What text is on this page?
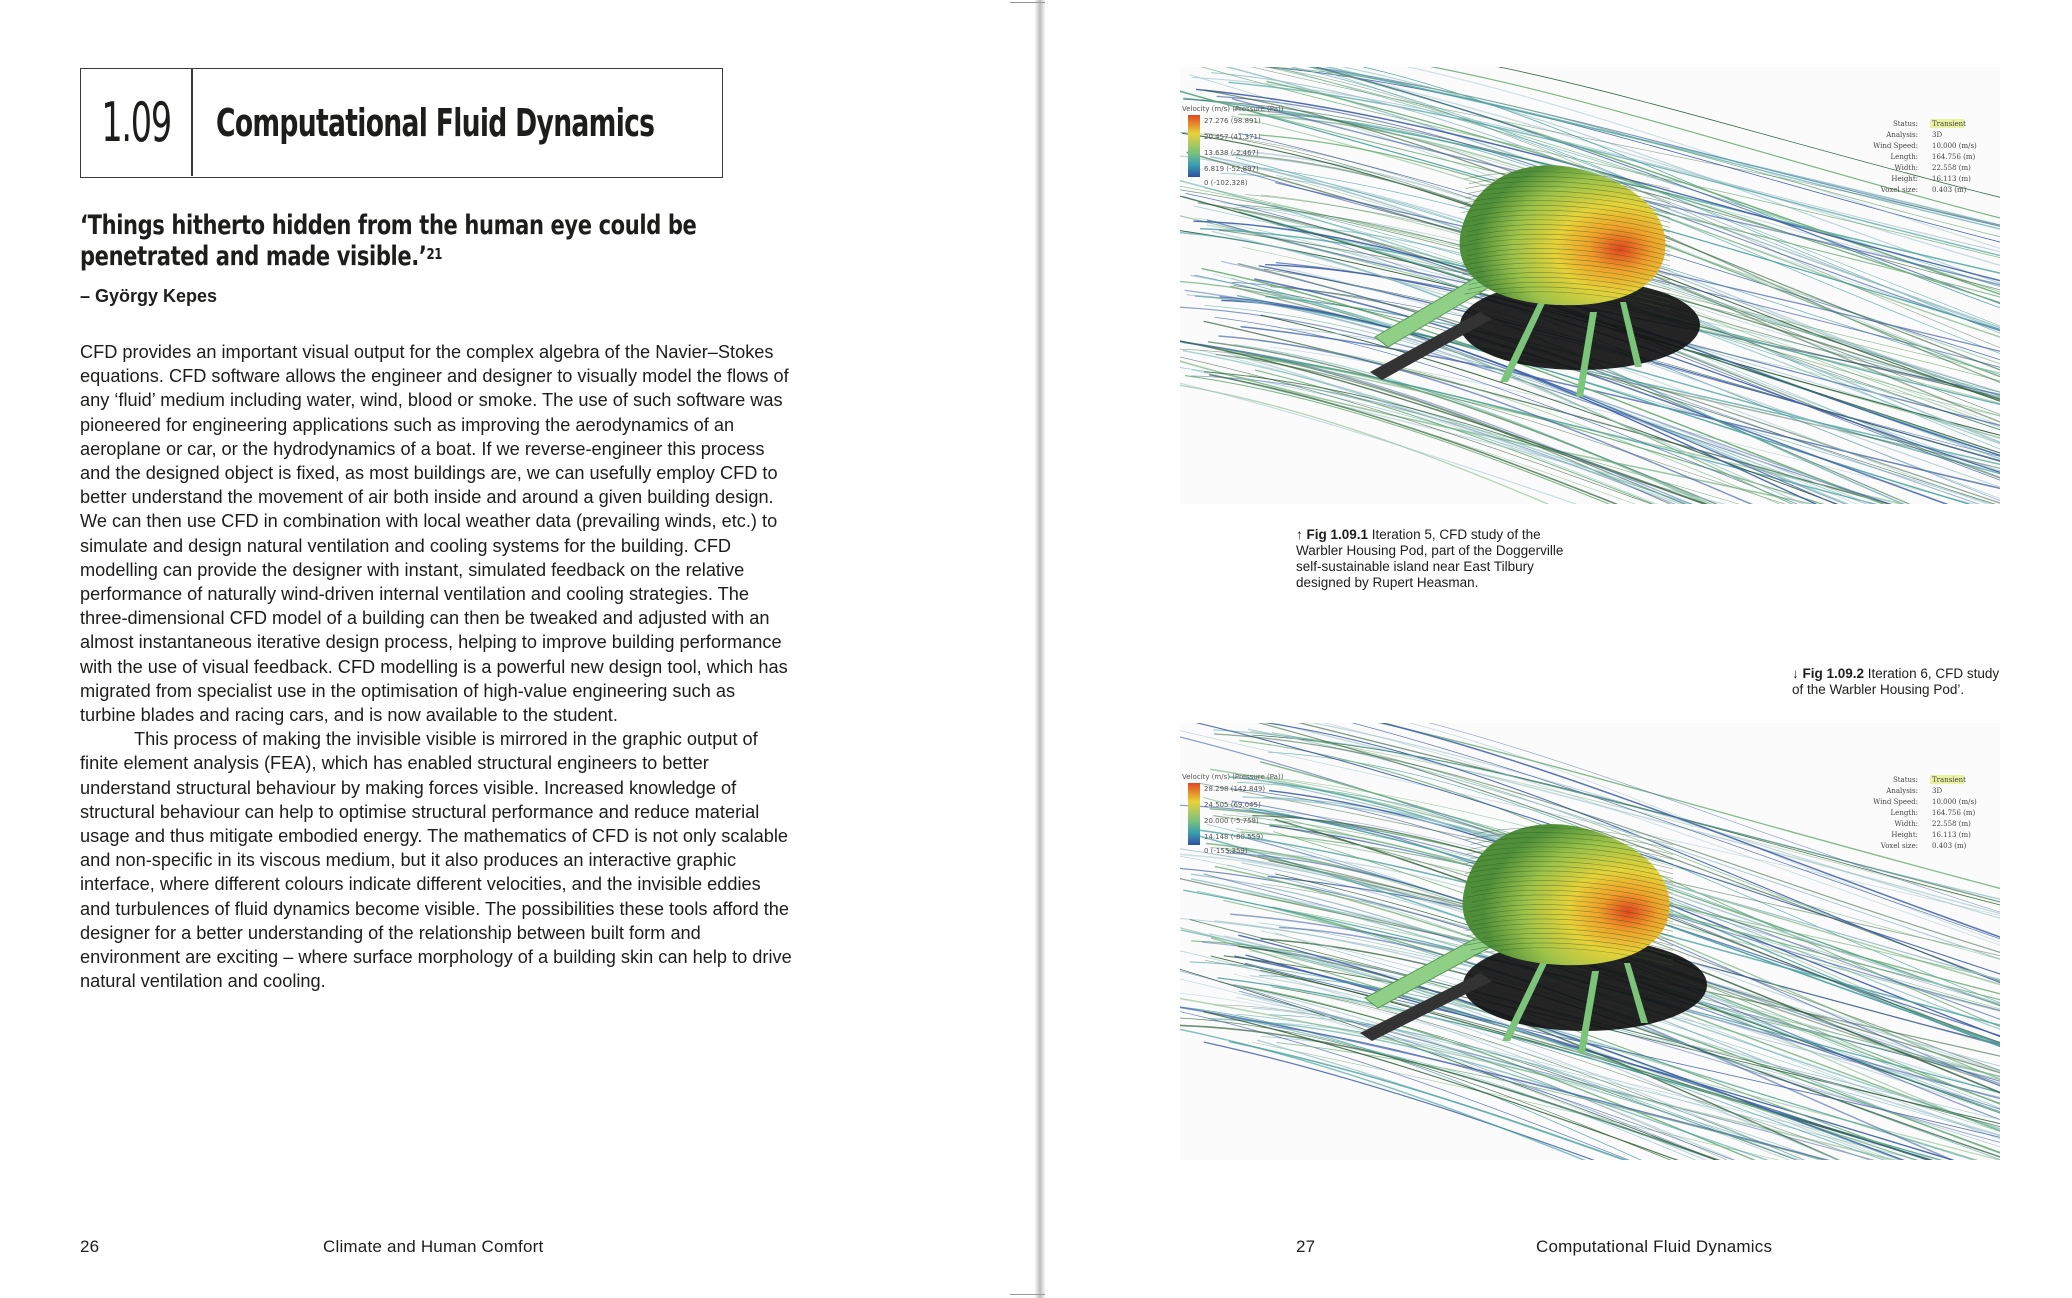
1.09 Computational Fluid Dynamics
‘Things hitherto hidden from the human eye could be penetrated and made visible.’$^{21}$
– György Kepes

CFD provides an important visual output for the complex algebra of the Navier–Stokes equations. CFD software allows the engineer and designer to visually model the flows of any ‘fluid’ medium including water, wind, blood or smoke. The use of such software was pioneered for engineering applications such as improving the aerodynamics of an aeroplane or car, or the hydrodynamics of a boat. If we reverse-engineer this process and the designed object is fixed, as most buildings are, we can usefully employ CFD to better understand the movement of air both inside and around a given building design. We can then use CFD in combination with local weather data (prevailing winds, etc.) to simulate and design natural ventilation and cooling systems for the building. CFD modelling can provide the designer with instant, simulated feedback on the relative performance of naturally wind-driven internal ventilation and cooling strategies. The three-dimensional CFD model of a building can then be tweaked and adjusted with an almost instantaneous iterative design process, helping to improve building performance with the use of visual feedback. CFD modelling is a powerful new design tool, which has migrated from specialist use in the optimisation of high-value engineering such as turbine blades and racing cars, and is now available to the student.

This process of making the invisible visible is mirrored in the graphic output of finite element analysis (FEA), which has enabled structural engineers to better understand structural behaviour by making forces visible. Increased knowledge of structural behaviour can help to optimise structural performance and reduce material usage and thus mitigate embodied energy. The mathematics of CFD is not only scalable and non-specific in its viscous medium, but it also produces an interactive graphic interface, where different colours indicate different velocities, and the invisible eddies and turbulences of fluid dynamics become visible. The possibilities these tools afford the designer for a better understanding of the relationship between built form and environment are exciting – where surface morphology of a building skin can help to drive natural ventilation and cooling.

26	Climate and Human Comfort
Velocity (m/s) (Pressure (Pa))
27.276 (98.891)
20.457 (41.371)
13.638 (-2.467)
6.819 (-52.897)
0 (-102.328)
Status:
Analysis:
Wind Speed:
Length:
Width:
Height:
Voxel size:
Transient
3D
10.000 (m/s)
164.756 (m)
22.558 (m)
16.113 (m)
0.403 (m)
↑ Fig 1.09.1 Iteration 5, CFD study of the Warbler Housing Pod, part of the Doggerville self-sustainable island near East Tilbury designed by Rupert Heasman.
↓ Fig 1.09.2 Iteration 6, CFD study of the Warbler Housing Pod’.
Velocity (m/s) (Pressure (Pa))
28.298 (142.849)
24.505 (69.045)
20.000 (-5.759)
14.148 (-80.559)
0 (-155.359)
Status:
Analysis:
Wind Speed:
Length:
Width:
Height:
Voxel size:
Transient
3D
10.000 (m/s)
164.756 (m)
22.558 (m)
16.113 (m)
0.403 (m)
27	Computational Fluid Dynamics
